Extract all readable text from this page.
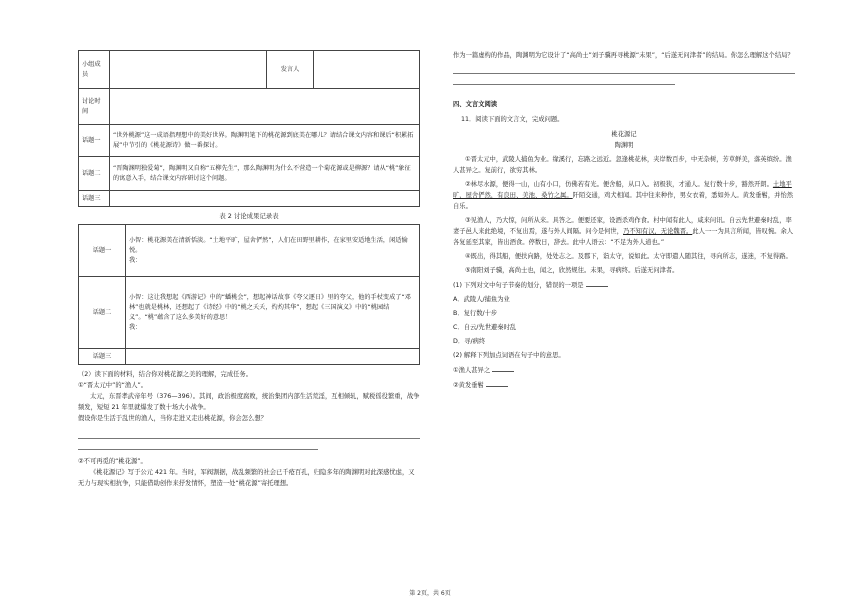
小组成员		发言人	
讨论时间			
话题一	“世外桃源”这一成语指理想中的美好世界。陶渊明笔下的桃花源到底美在哪儿？请结合课文内容和课后“积累拓展”中节引的《桃花源诗》做一番探讨。		
话题二	“晋陶渊明独爱菊”，陶渊明又自称“五柳先生”，那么陶渊明为什么不营造一个菊花源或是柳源？请从“桃”象征的寓意入手，结合课文内容研讨这个问题。		
话题三			
表 2 讨论成果记录表
话题一	小智：桃花源美在清新恬淡。“土地平旷，屋舍俨然”，人们在田野里耕作，在家里安适地生活，闲适愉悦。
我：

话题二	小智：这让我想起《西游记》中的“蟠桃会”，想起神话故事《夸父逐日》里的夸父，他的手杖变成了“邓林”也就是桃林，还想起了《诗经》中的“桃之夭夭，灼灼其华”，想起《三国演义》中的“桃园结义”。“桃”蕴含了这么多美好的意思！
我：

话题三	

（2）读下面的材料，结合你对桃花源之美的理解，完成任务。

①“晋太元中”的“渔人”。

太元，东晋孝武帝年号（376—396）。其间，政治极度腐败，统治集团内部生活荒淫，互相倾轧，赋税徭役繁重，战争频发，短短 21 年里就爆发了数十场大小战争。

假设你是生活于乱世的渔人，当你走进又走出桃花源，你会怎么想？

②不可再觅的“桃花源”。

《桃花源记》写于公元 421 年。当时，军阀割据，战乱频繁的社会已千疮百孔，归隐多年的陶渊明对此深感忧虑，又无力与现实相抗争，只能借助创作来抒发情怀，塑造一处“桃花源”寄托理想。

作为一篇虚构的作品，陶渊明为它设计了“高尚士”刘子骥再寻桃源“未果”，“后遂无问津者”的结局。你怎么理解这个结局？

四、文言文阅读

11．阅读下面的文言文，完成问题。

桃花源记

陶渊明

①晋太元中，武陵人捕鱼为业。缘溪行，忘路之远近。忽逢桃花林，夹岸数百步，中无杂树，芳草鲜美，落英缤纷。渔人甚异之。复前行，欲穷其林。

②林尽水源，便得一山，山有小口，仿佛若有光。便舍船，从口入。初极狭，才通人。复行数十步，豁然开朗。土地平旷，屋舍俨然，有良田、美池、桑竹之属。阡陌交通，鸡犬相闻。其中往来种作，男女衣着，悉如外人。黄发垂髫，并怡然自乐。

③见渔人，乃大惊，问所从来。具答之。便要还家，设酒杀鸡作食。村中闻有此人，咸来问讯。自云先世避秦时乱，率妻子邑人来此绝境，不复出焉，遂与外人间隔。问今是何世，乃不知有汉，无论魏晋。此人一一为具言所闻，皆叹惋。余人各复延至其家，皆出酒食。停数日，辞去。此中人语云：“不足为外人道也。”

④既出，得其船，便扶向路，处处志之。及郡下，诣太守，说如此。太守即遣人随其往，寻向所志，遂迷，不复得路。

⑤南阳刘子骥，高尚士也，闻之，欣然规往。未果，寻病终。后遂无问津者。

(1) 下列对文中句子节奏的划分，错误的一项是

A．武陵人/捕鱼为业

B．复行数/十步

C．自云/先世避秦时乱

D．寻/病终

(2) 解释下列加点词语在句子中的意思。

①渔人甚异之

②黄发垂髫

第 2页，共 6页
